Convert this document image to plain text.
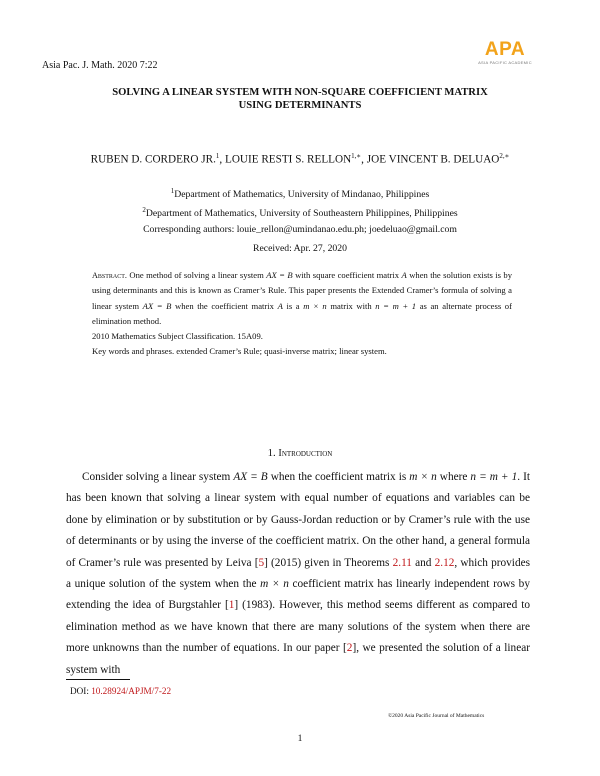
Asia Pac. J. Math. 2020 7:22
APA
ASIA PACIFIC ACADEMIC
SOLVING A LINEAR SYSTEM WITH NON-SQUARE COEFFICIENT MATRIX
USING DETERMINANTS
RUBEN D. CORDERO JR.$^1$, LOUIE RESTI S. $RELLON^{1,∗}$, JOE VINCENT B. $DELUAO^{2,∗}$
$^1$Department of Mathematics, University of Mindanao, Philippines
$^2$Department of Mathematics, University of Southeastern Philippines, Philippines
Corresponding authors: louie_rellon@umindanao.edu.ph; joedeluao@gmail.com
Received: Apr. 27, 2020
Abstract. One method of solving a linear system AX = B with square coefficient matrix A when the solution exists is by using determinants and this is known as Cramer’s Rule. This paper presents the Extended Cramer’s formula of solving a linear system AX = B when the coefficient matrix A is a m × n matrix with n = m + 1 as an alternate process of elimination method.
2010 Mathematics Subject Classification. 15A09.
Key words and phrases. extended Cramer’s Rule; quasi-inverse matrix; linear system.
1. Introduction

Consider solving a linear system AX = B when the coefficient matrix is m × n where n = m + 1. It has been known that solving a linear system with equal number of equations and variables can be done by elimination or by substitution or by Gauss-Jordan reduction or by Cramer’s rule with the use of determinants or by using the inverse of the coefficient matrix. On the other hand, a general formula of Cramer’s rule was presented by Leiva [5] (2015) given in Theorems 2.11 and 2.12, which provides a unique solution of the system when the m × n coefficient matrix has linearly independent rows by extending the idea of Burgstahler [1] (1983). However, this method seems different as compared to elimination method as we have known that there are many solutions of the system when there are more unknowns than the number of equations. In our paper [2], we presented the solution of a linear system with

DOI: 10.28924/APJM/7-22
©2020 Asia Pacific Journal of Mathematics
1
